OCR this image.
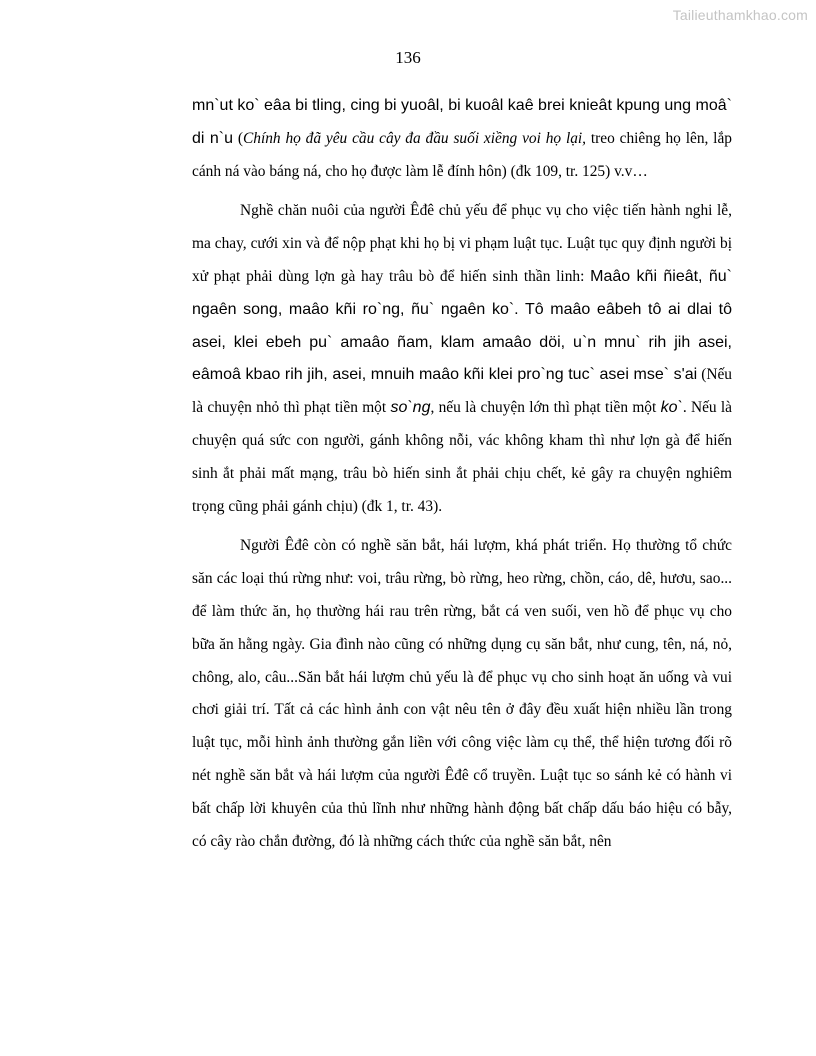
Tailieuthamkhao.com
136

mn`ut ko` eâa bi tling, cing bi yuoâl, bi kuoâl kaê brei knieât kpung ung moâ` di n`u (Chính họ đã yêu cầu cây đa đầu suối xiềng voi họ lại, treo chiêng họ lên, lắp cánh ná vào báng ná, cho họ được làm lễ đính hôn) (đk 109, tr. 125) v.v…

Nghề chăn nuôi của người Êđê chủ yếu để phục vụ cho việc tiến hành nghi lễ, ma chay, cưới xin và để nộp phạt khi họ bị vi phạm luật tục. Luật tục quy định người bị xử phạt phải dùng lợn gà hay trâu bò để hiến sinh thần linh: Maâo kñi ñieât, ñu` ngaên song, maâo kñi ro`ng, ñu` ngaên ko`. Tô maâo eâbeh tô ai dlai tô asei, klei ebeh pu` amaâo ñam, klam amaâo döi, u`n mnu` rih jih asei, eâmoâ kbao rih jih, asei, mnuih maâo kñi klei pro`ng tuc` asei mse` s'ai (Nếu là chuyện nhỏ thì phạt tiền một so`ng, nếu là chuyện lớn thì phạt tiền một ko`. Nếu là chuyện quá sức con người, gánh không nỗi, vác không kham thì như lợn gà để hiến sinh ắt phải mất mạng, trâu bò hiến sinh ắt phải chịu chết, kẻ gây ra chuyện nghiêm trọng cũng phải gánh chịu) (đk 1, tr. 43).

Người Êđê còn có nghề săn bắt, hái lượm, khá phát triển. Họ thường tổ chức săn các loại thú rừng như: voi, trâu rừng, bò rừng, heo rừng, chồn, cáo, dê, hươu, sao... để làm thức ăn, họ thường hái rau trên rừng, bắt cá ven suối, ven hồ để phục vụ cho bữa ăn hằng ngày. Gia đình nào cũng có những dụng cụ săn bắt, như cung, tên, ná, nỏ, chông, alo, câu...Săn bắt hái lượm chủ yếu là để phục vụ cho sinh hoạt ăn uống và vui chơi giải trí. Tất cả các hình ảnh con vật nêu tên ở đây đều xuất hiện nhiều lần trong luật tục, mỗi hình ảnh thường gắn liền với công việc làm cụ thể, thể hiện tương đối rõ nét nghề săn bắt và hái lượm của người Êđê cổ truyền. Luật tục so sánh kẻ có hành vi bất chấp lời khuyên của thủ lĩnh như những hành động bất chấp dấu báo hiệu có bẫy, có cây rào chắn đường, đó là những cách thức của nghề săn bắt, nên
